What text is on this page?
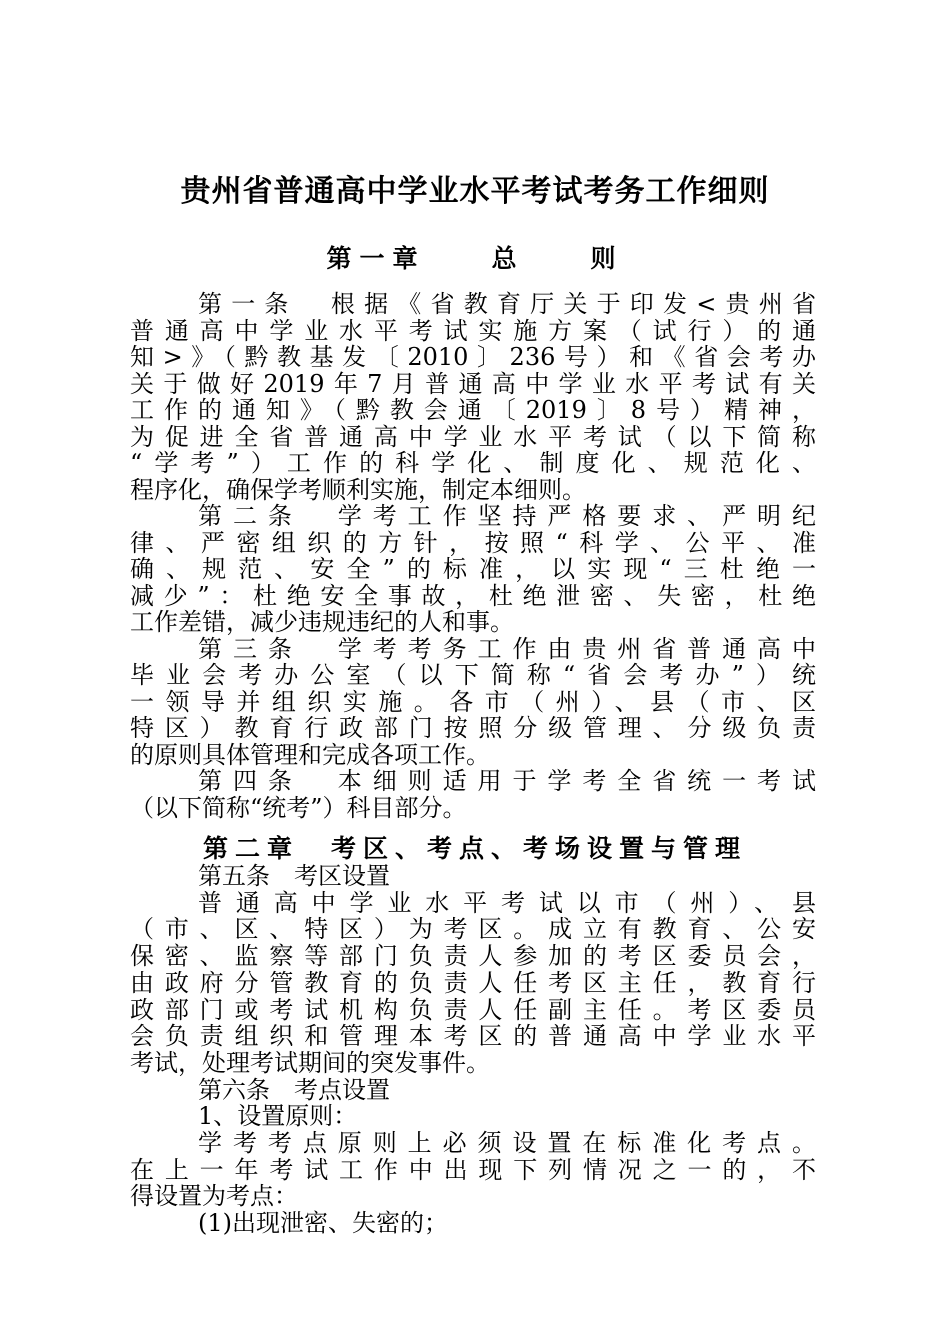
贵州省普通高中学业水平考试考务工作细则
第一章　　总　　则
第一条　根据《省教育厅关于印发<贵州省
普通高中学业水平考试实施方案（试行）的通
知>》（黔教基发〔2010〕236号）和《省会考办
关于做好2019年7月普通高中学业水平考试有关
工作的通知》（黔教会通〔2019〕8号）精神，
为促进全省普通高中学业水平考试（以下简称
“学考”）工作的科学化、制度化、规范化、
程序化，确保学考顺利实施，制定本细则。
第二条　学考工作坚持严格要求、严明纪
律、严密组织的方针，按照“科学、公平、准
确、规范、安全”的标准，以实现“三杜绝一
减少”：杜绝安全事故，杜绝泄密、失密，杜绝
工作差错，减少违规违纪的人和事。
第三条　学考考务工作由贵州省普通高中
毕业会考办公室（以下简称“省会考办”）统
一领导并组织实施。各市（州）、县（市、区
特区）教育行政部门按照分级管理、分级负责
的原则具体管理和完成各项工作。
第四条　本细则适用于学考全省统一考试
（以下简称“统考”）科目部分。
第二章　考区、考点、考场设置与管理
第五条　考区设置
普通高中学业水平考试以市（州）、县
（市、区、特区）为考区。成立有教育、公安
保密、监察等部门负责人参加的考区委员会，
由政府分管教育的负责人任考区主任，教育行
政部门或考试机构负责人任副主任。考区委员
会负责组织和管理本考区的普通高中学业水平
考试，处理考试期间的突发事件。
第六条　考点设置
1、设置原则：
学考考点原则上必须设置在标准化考点。
在上一年考试工作中出现下列情况之一的，不
得设置为考点：
(1)出现泄密、失密的；
